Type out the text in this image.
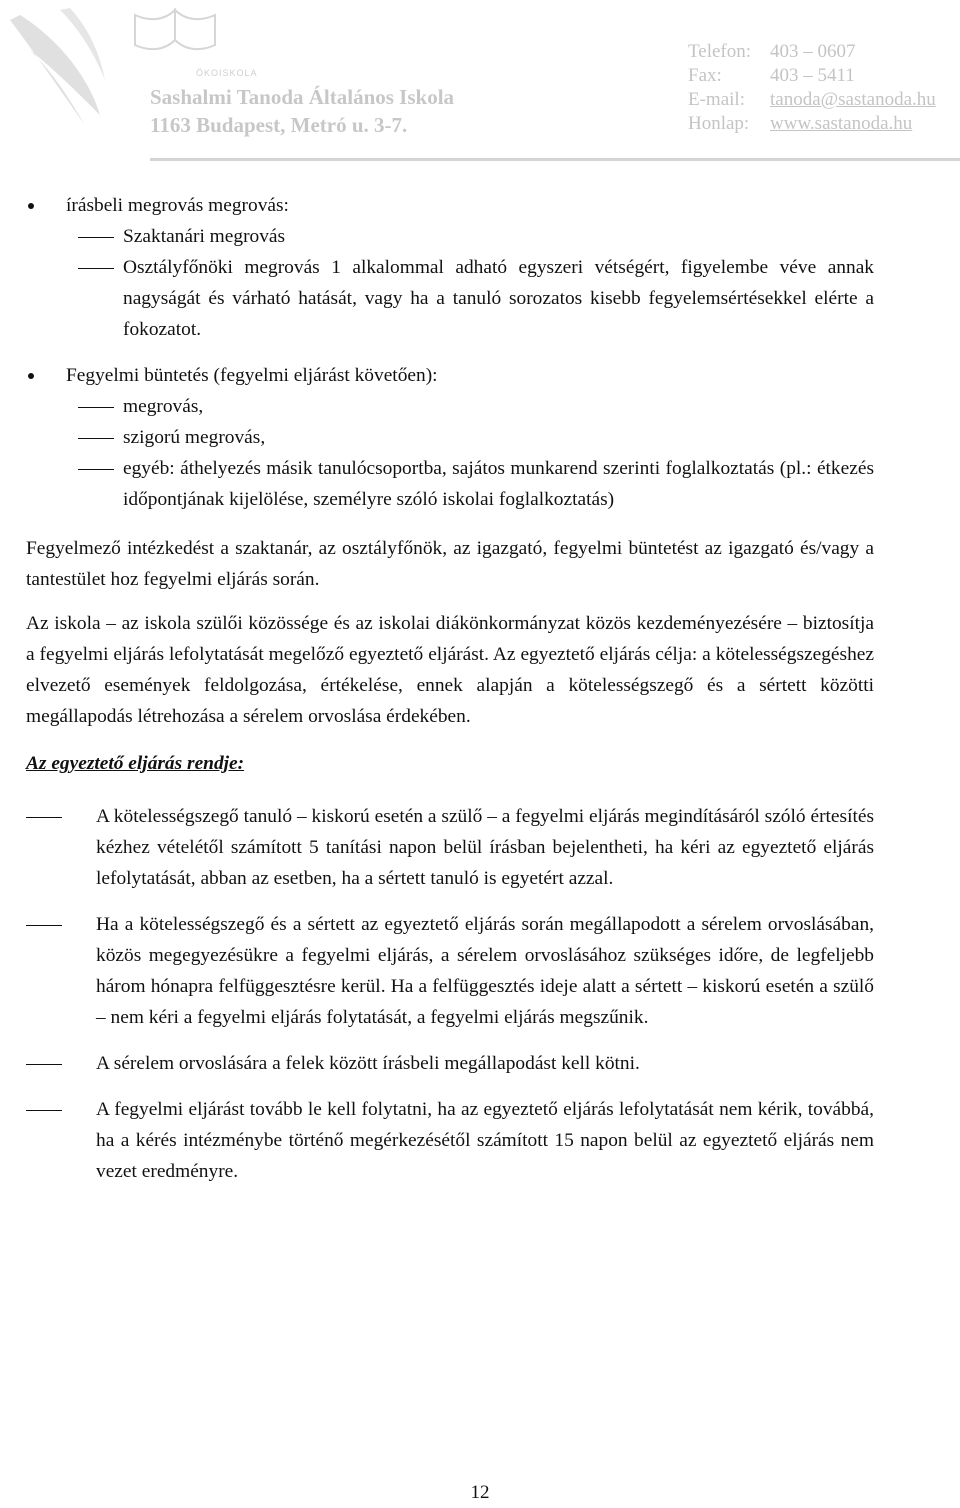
ÖKOISKOLA
Sashalmi Tanoda Általános Iskola
1163 Budapest, Metró u. 3-7.
Telefon: 403 – 0607
Fax:	403 – 5411
E-mail:	tanoda@sastanoda.hu
Honlap:	www.sastanoda.hu
írásbeli megrovás megrovás:
Szaktanári megrovás
Osztályfőnöki megrovás 1 alkalommal adható egyszeri vétségért, figyelembe véve annak nagyságát és várható hatását, vagy ha a tanuló sorozatos kisebb fegyelemsértésekkel elérte a fokozatot.
Fegyelmi büntetés (fegyelmi eljárást követően):
megrovás,
szigorú megrovás,
egyéb: áthelyezés másik tanulócsoportba, sajátos munkarend szerinti foglalkoztatás (pl.: étkezés időpontjának kijelölése, személyre szóló iskolai foglalkoztatás)

Fegyelmező intézkedést a szaktanár, az osztályfőnök, az igazgató, fegyelmi büntetést az igazgató és/vagy a tantestület hoz fegyelmi eljárás során.

Az iskola – az iskola szülői közössége és az iskolai diákönkormányzat közös kezdeményezésére – biztosítja a fegyelmi eljárás lefolytatását megelőző egyeztető eljárást. Az egyeztető eljárás célja: a kötelességszegéshez elvezető események feldolgozása, értékelése, ennek alapján a kötelességszegő és a sértett közötti megállapodás létrehozása a sérelem orvoslása érdekében.

Az egyeztető eljárás rendje:

A kötelességszegő tanuló – kiskorú esetén a szülő – a fegyelmi eljárás megindításáról szóló értesítés kézhez vételétől számított 5 tanítási napon belül írásban bejelentheti, ha kéri az egyeztető eljárás lefolytatását, abban az esetben, ha a sértett tanuló is egyetért azzal.
Ha a kötelességszegő és a sértett az egyeztető eljárás során megállapodott a sérelem orvoslásában, közös megegyezésükre a fegyelmi eljárás, a sérelem orvoslásához szükséges időre, de legfeljebb három hónapra felfüggesztésre kerül. Ha a felfüggesztés ideje alatt a sértett – kiskorú esetén a szülő – nem kéri a fegyelmi eljárás folytatását, a fegyelmi eljárás megszűnik.
A sérelem orvoslására a felek között írásbeli megállapodást kell kötni.
A fegyelmi eljárást tovább le kell folytatni, ha az egyeztető eljárás lefolytatását nem kérik, továbbá, ha a kérés intézménybe történő megérkezésétől számított 15 napon belül az egyeztető eljárás nem vezet eredményre.
12
